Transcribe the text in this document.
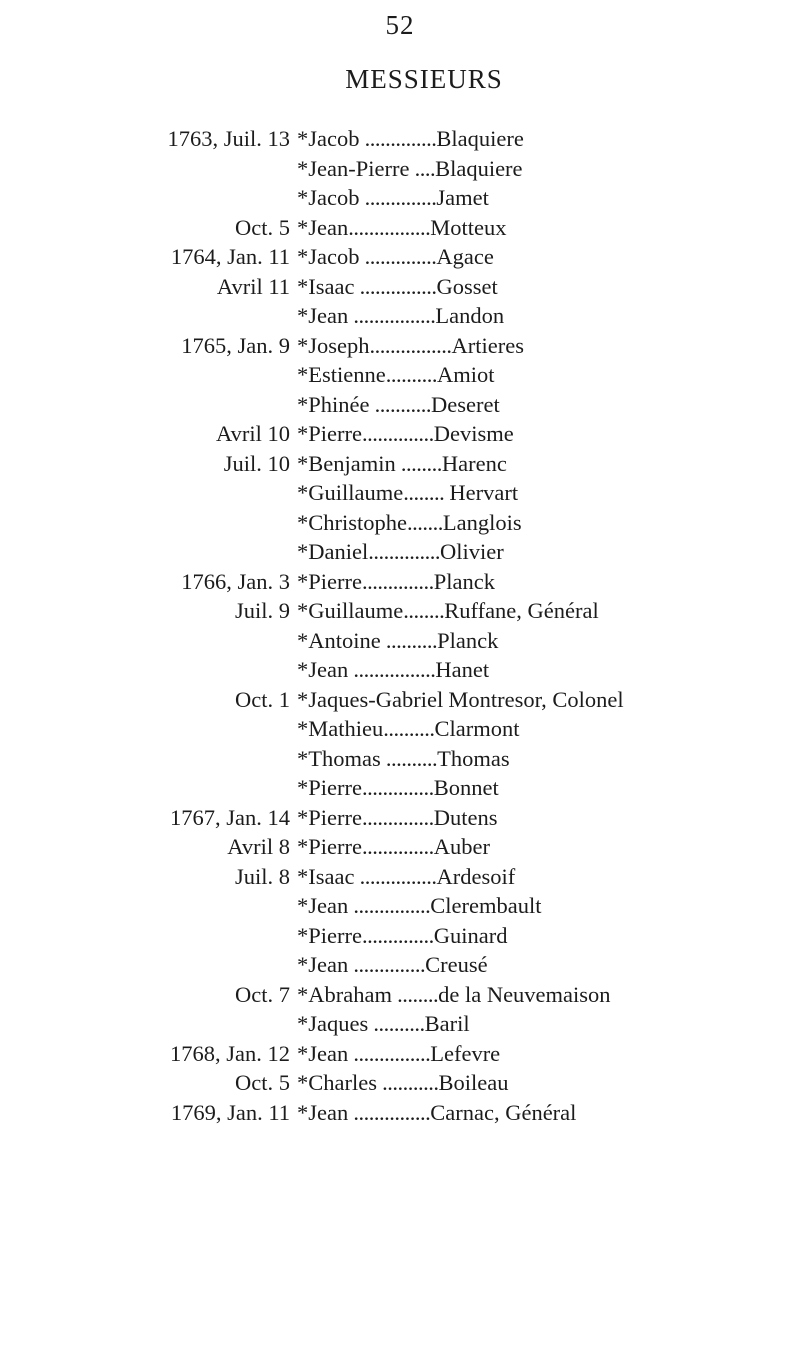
52
MESSIEURS
1763, Juil. 13 *Jacob ..............Blaquiere
*Jean-Pierre ....Blaquiere
*Jacob ..............Jamet
Oct. 5 *Jean................Motteux
1764, Jan. 11 *Jacob ..............Agace
Avril 11 *Isaac ...............Gosset
*Jean ................Landon
1765, Jan. 9 *Joseph................Artieres
*Estienne..........Amiot
*Phinée ...........Deseret
Avril 10 *Pierre..............Devisme
Juil. 10 *Benjamin ........Harenc
*Guillaume........ Hervart
*Christophe.......Langlois
*Daniel..............Olivier
1766, Jan. 3 *Pierre..............Planck
Juil. 9 *Guillaume........Ruffane, Général
*Antoine ..........Planck
*Jean ................Hanet
Oct. 1 *Jaques-Gabriel Montresor, Colonel
*Mathieu..........Clarmont
*Thomas ..........Thomas
*Pierre..............Bonnet
1767, Jan. 14 *Pierre..............Dutens
Avril 8 *Pierre..............Auber
Juil. 8 *Isaac ...............Ardesoif
*Jean ...............Clerembault
*Pierre..............Guinard
*Jean ..............Creusé
Oct. 7 *Abraham ........de la Neuvemaison
*Jaques ..........Baril
1768, Jan. 12 *Jean ...............Lefevre
Oct. 5 *Charles ...........Boileau
1769, Jan. 11 *Jean ...............Carnac, Général
